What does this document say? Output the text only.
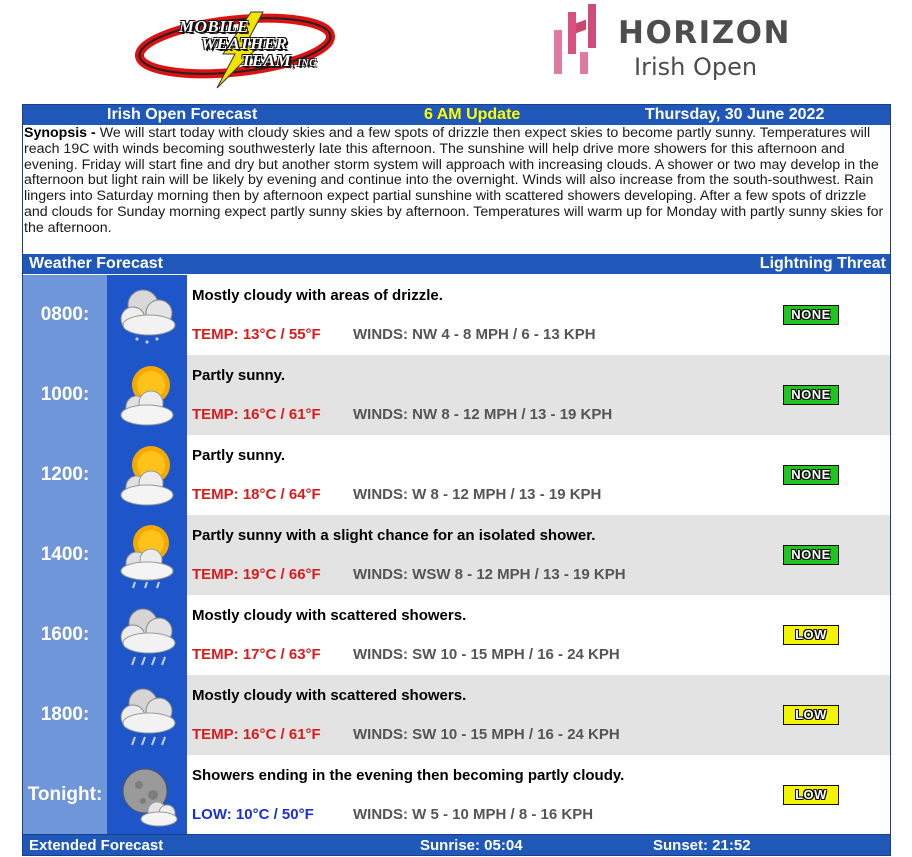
MOBILE
WEATHER
TEAM, INC
HORIZON
Irish Open
Irish Open Forecast	6 AM Update	Thursday, 30 June 2022
Synopsis - We will start today with cloudy skies and a few spots of drizzle then expect skies to become partly sunny. Temperatures will reach 19C with winds becoming southwesterly late this afternoon. The sunshine will help drive more showers for this afternoon and evening. Friday will start fine and dry but another storm system will approach with increasing clouds. A shower or two may develop in the afternoon but light rain will be likely by evening and continue into the overnight. Winds will also increase from the south-southwest. Rain lingers into Saturday morning then by afternoon expect partial sunshine with scattered showers developing. After a few spots of drizzle and clouds for Sunday morning expect partly sunny skies by afternoon. Temperatures will warm up for Monday with partly sunny skies for the afternoon.
Weather Forecast	Lightning Threat
0800:
Mostly cloudy with areas of drizzle.
TEMP: 13°C / 55°F WINDS: NW 4 - 8 MPH / 6 - 13 KPH
NONE
1000:
Partly sunny.
TEMP: 16°C / 61°F WINDS: NW 8 - 12 MPH / 13 - 19 KPH
NONE
1200:
Partly sunny.
TEMP: 18°C / 64°F WINDS: W 8 - 12 MPH / 13 - 19 KPH
NONE
1400:
Partly sunny with a slight chance for an isolated shower.
TEMP: 19°C / 66°F WINDS: WSW 8 - 12 MPH / 13 - 19 KPH
NONE
1600:
Mostly cloudy with scattered showers.
TEMP: 17°C / 63°F WINDS: SW 10 - 15 MPH / 16 - 24 KPH
LOW
1800:
Mostly cloudy with scattered showers.
TEMP: 16°C / 61°F WINDS: SW 10 - 15 MPH / 16 - 24 KPH
LOW
Tonight:
Showers ending in the evening then becoming partly cloudy.
LOW: 10°C / 50°F	WINDS: W 5 - 10 MPH / 8 - 16 KPH
LOW
Extended Forecast	Sunrise: 05:04	Sunset: 21:52
